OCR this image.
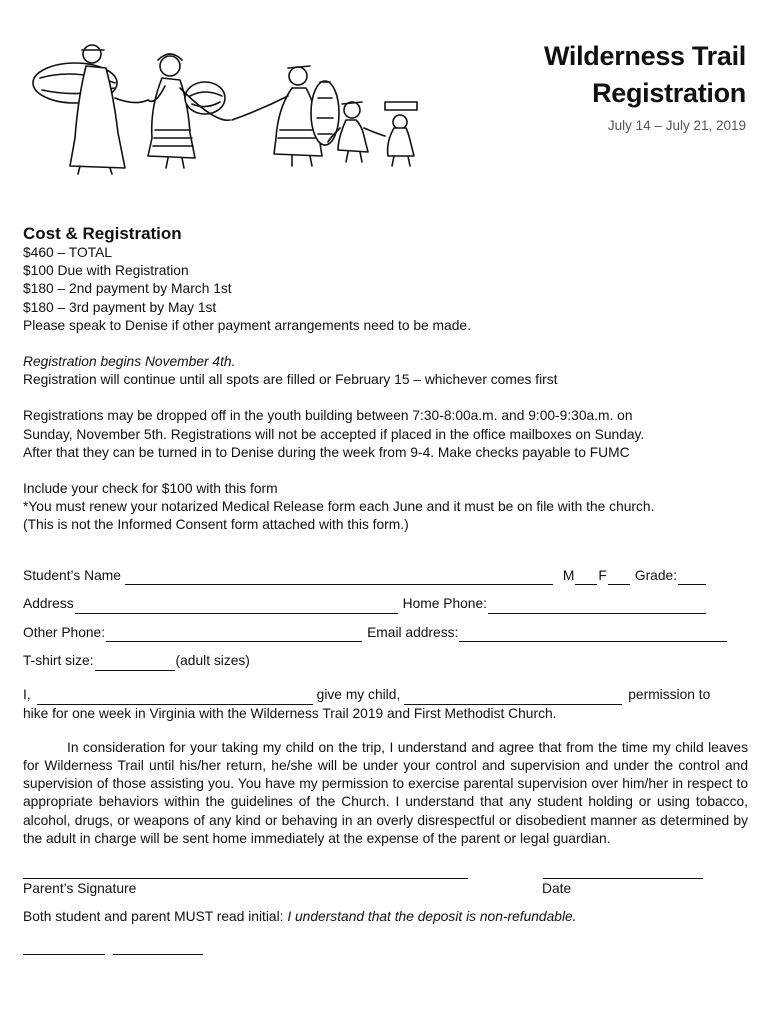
Wilderness Trail
Registration
July 14 – July 21, 2019
Cost & Registration
$460 – TOTAL
$100 Due with Registration
$180 – 2nd payment by March 1st
$180 – 3rd payment by May 1st
Please speak to Denise if other payment arrangements need to be made.
Registration begins November 4th.
Registration will continue until all spots are filled or February 15 – whichever comes first
Registrations may be dropped off in the youth building between 7:30-8:00a.m. and 9:00-9:30a.m. on
Sunday, November 5th. Registrations will not be accepted if placed in the office mailboxes on Sunday.
After that they can be turned in to Denise during the week from 9-4. Make checks payable to FUMC
Include your check for $100 with this form
*You must renew your notarized Medical Release form each June and it must be on file with the church.
(This is not the Informed Consent form attached with this form.)
Student’s Name	M F Grade:
Address	Home Phone:
Other Phone:	Email address:
T-shirt size:	(adult sizes)
I,	give my child,	permission to
hike for one week in Virginia with the Wilderness Trail 2019 and First Methodist Church.
In consideration for your taking my child on the trip, I understand and agree that from the time my child leaves for Wilderness Trail until his/her return, he/she will be under your control and supervision and under the control and supervision of those assisting you. You have my permission to exercise parental supervision over him/her in respect to appropriate behaviors within the guidelines of the Church. I understand that any student holding or using tobacco, alcohol, drugs, or weapons of any kind or behaving in an overly disrespectful or disobedient manner as determined by the adult in charge will be sent home immediately at the expense of the parent or legal guardian.
Parent’s Signature	Date
Both student and parent MUST read initial: I understand that the deposit is non-refundable.
